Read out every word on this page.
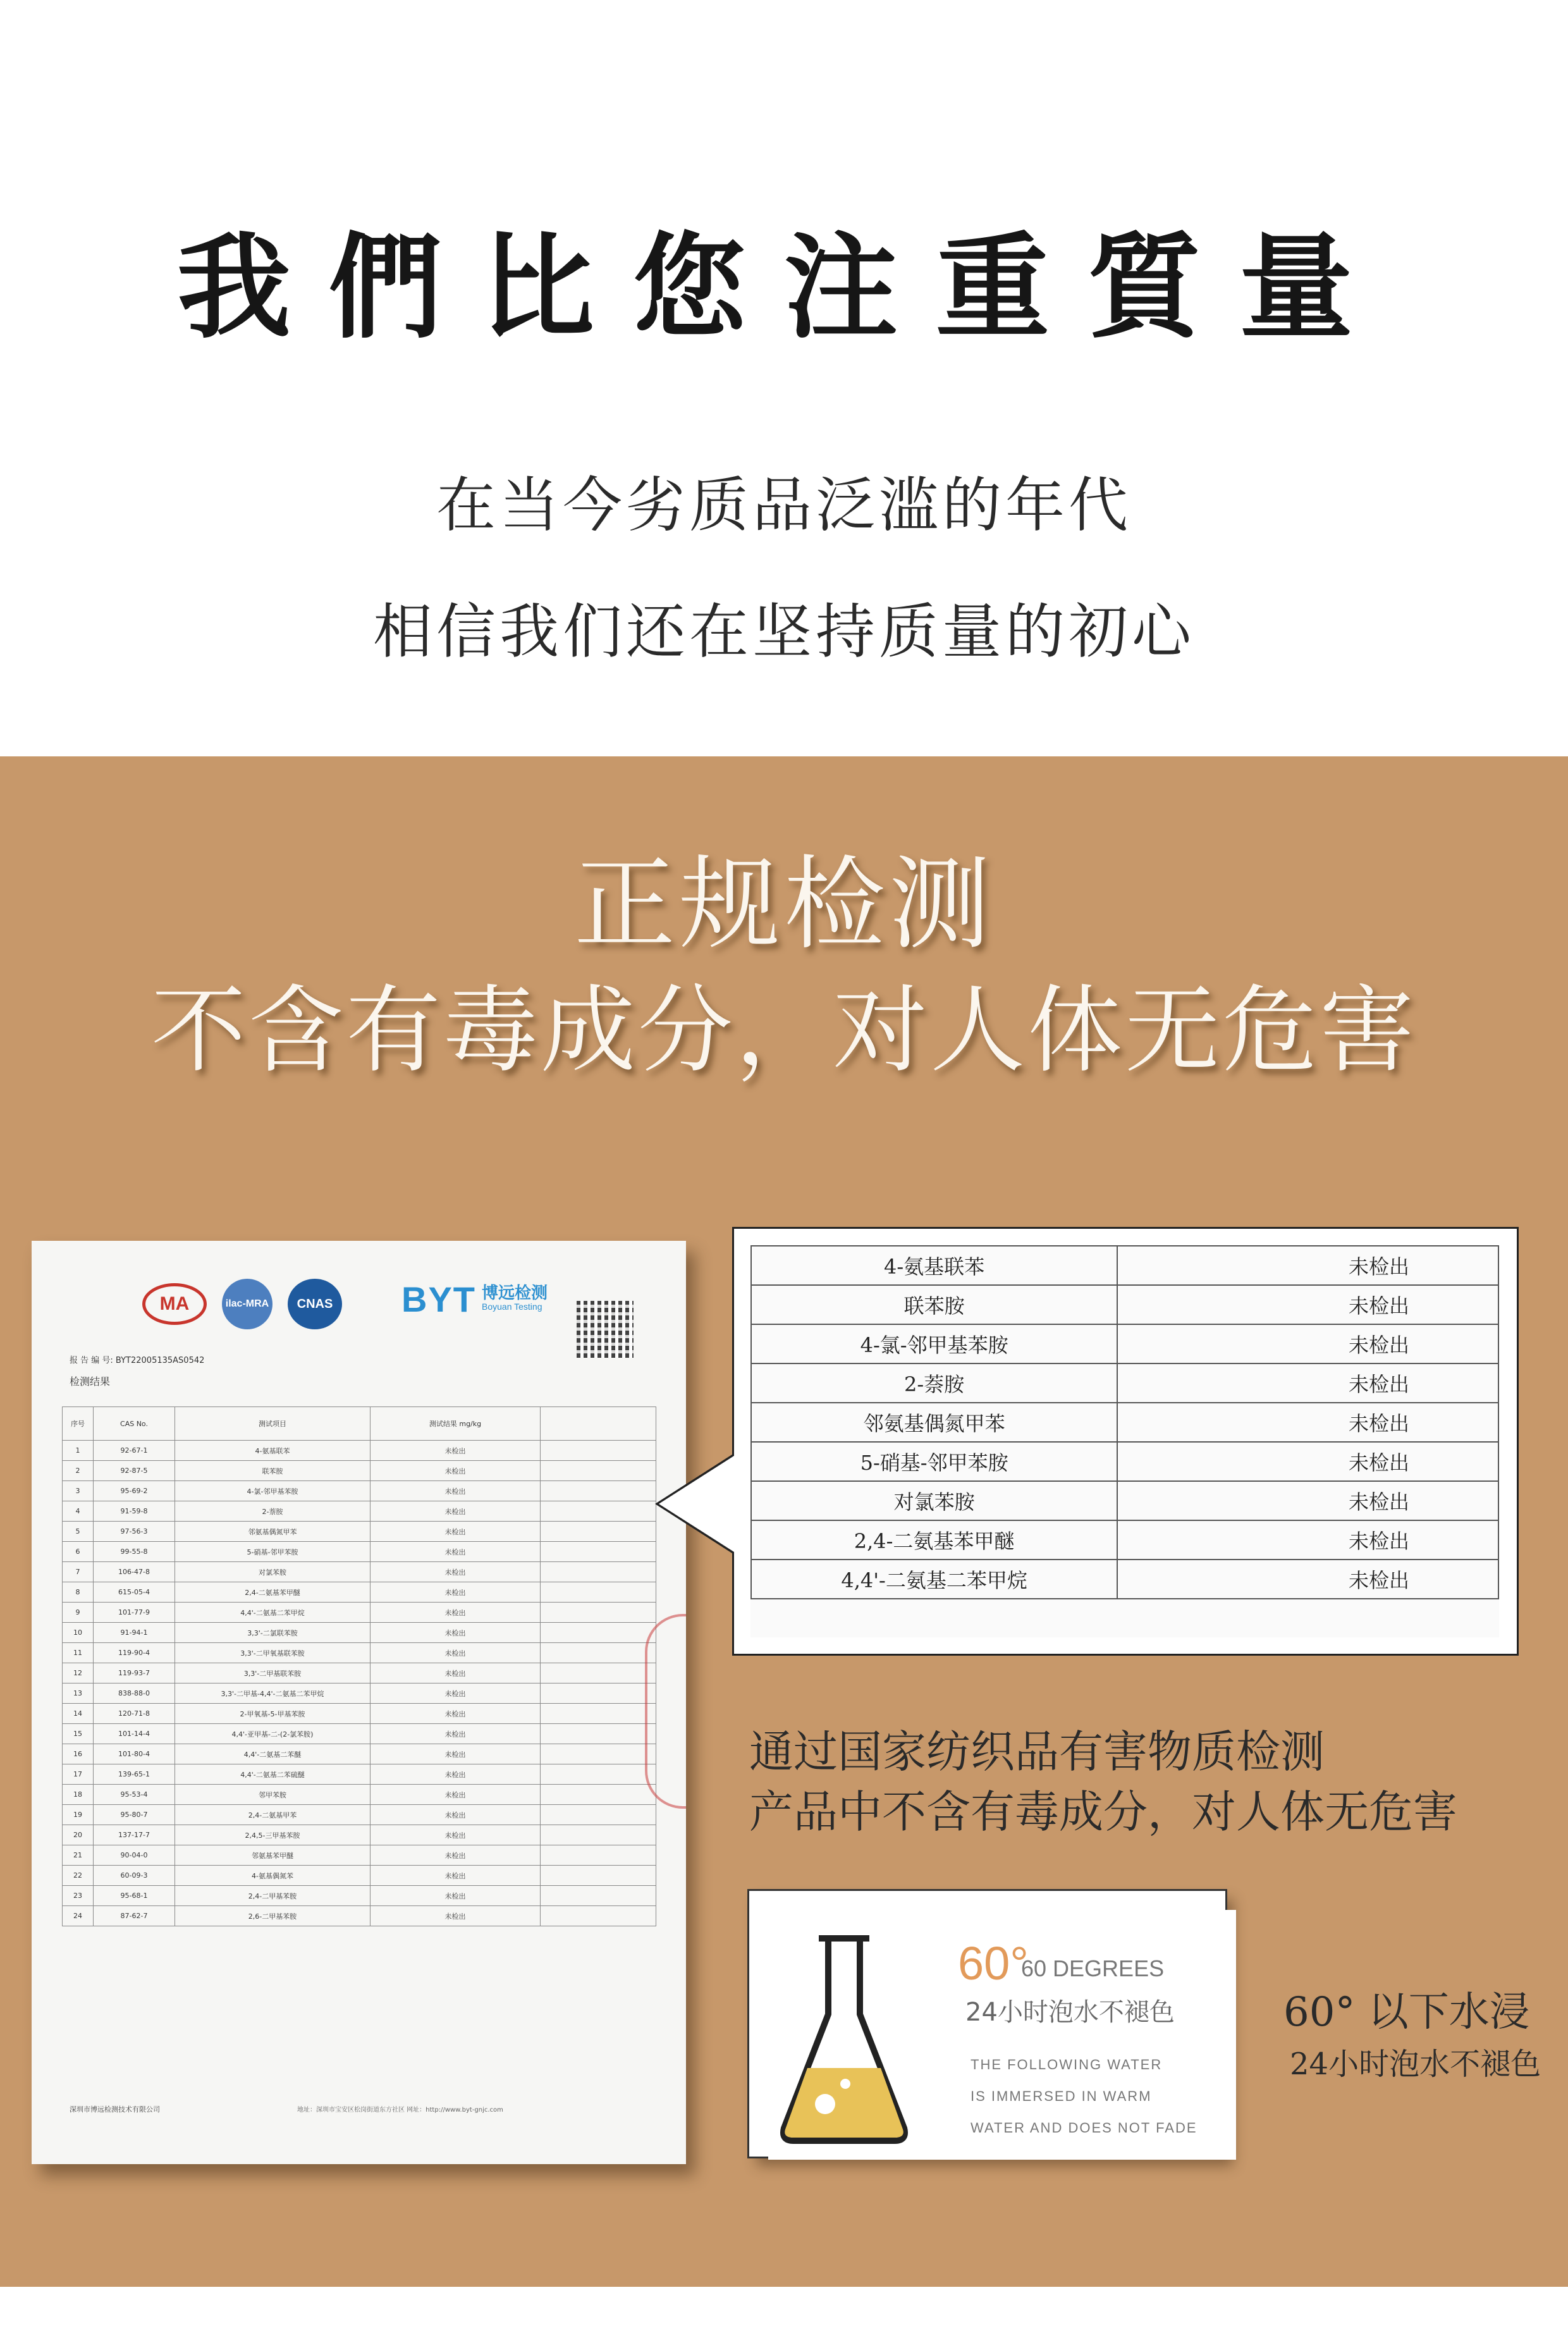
我們比您注重質量
在当今劣质品泛滥的年代
相信我们还在坚持质量的初心
正规检测
不含有毒成分，对人体无危害
MA	ilac-MRA	CNAS BYT 博远检测
Boyuan Testing
报 告 编 号: BYT22005135AS0542
检测结果
序号	CAS No.	测试项目	测试结果 mg/kg	
1	92-67-1	4-氨基联苯	未检出	
2	92-87-5	联苯胺	未检出	
3	95-69-2	4-氯-邻甲基苯胺	未检出	
4	91-59-8	2-萘胺	未检出	
5	97-56-3	邻氨基偶氮甲苯	未检出	
6	99-55-8	5-硝基-邻甲苯胺	未检出	
7	106-47-8	对氯苯胺	未检出	
8	615-05-4	2,4-二氨基苯甲醚	未检出	
9	101-77-9	4,4'-二氨基二苯甲烷	未检出	
10	91-94-1	3,3'-二氯联苯胺	未检出	
11	119-90-4	3,3'-二甲氧基联苯胺	未检出	
12	119-93-7	3,3'-二甲基联苯胺	未检出	
13	838-88-0	3,3'-二甲基-4,4'-二氨基二苯甲烷	未检出	
14	120-71-8	2-甲氧基-5-甲基苯胺	未检出	
15	101-14-4	4,4'-亚甲基-二-(2-氯苯胺)	未检出	
16	101-80-4	4,4'-二氨基二苯醚	未检出	
17	139-65-1	4,4'-二氨基二苯硫醚	未检出	
18	95-53-4	邻甲苯胺	未检出	
19	95-80-7	2,4-二氨基甲苯	未检出	
20	137-17-7	2,4,5-三甲基苯胺	未检出	
21	90-04-0	邻氨基苯甲醚	未检出	
22	60-09-3	4-氨基偶氮苯	未检出	
23	95-68-1	2,4-二甲基苯胺	未检出	
24	87-62-7	2,6-二甲基苯胺	未检出	
深圳市博远检测技术有限公司	地址：深圳市宝安区松岗街道东方社区 网址：http://www.byt-gnjc.com
4-氨基联苯	未检出
联苯胺	未检出
4-氯-邻甲基苯胺	未检出
2-萘胺	未检出
邻氨基偶氮甲苯	未检出
5-硝基-邻甲苯胺	未检出
对氯苯胺	未检出
2,4-二氨基苯甲醚	未检出
4,4'-二氨基二苯甲烷	未检出
通过国家纺织品有害物质检测
产品中不含有毒成分，对人体无危害
60°
60 DEGREES
24小时泡水不褪色
THE FOLLOWING WATER
IS IMMERSED IN WARM
WATER AND DOES NOT FADE
60° 以下水浸
24小时泡水不褪色
